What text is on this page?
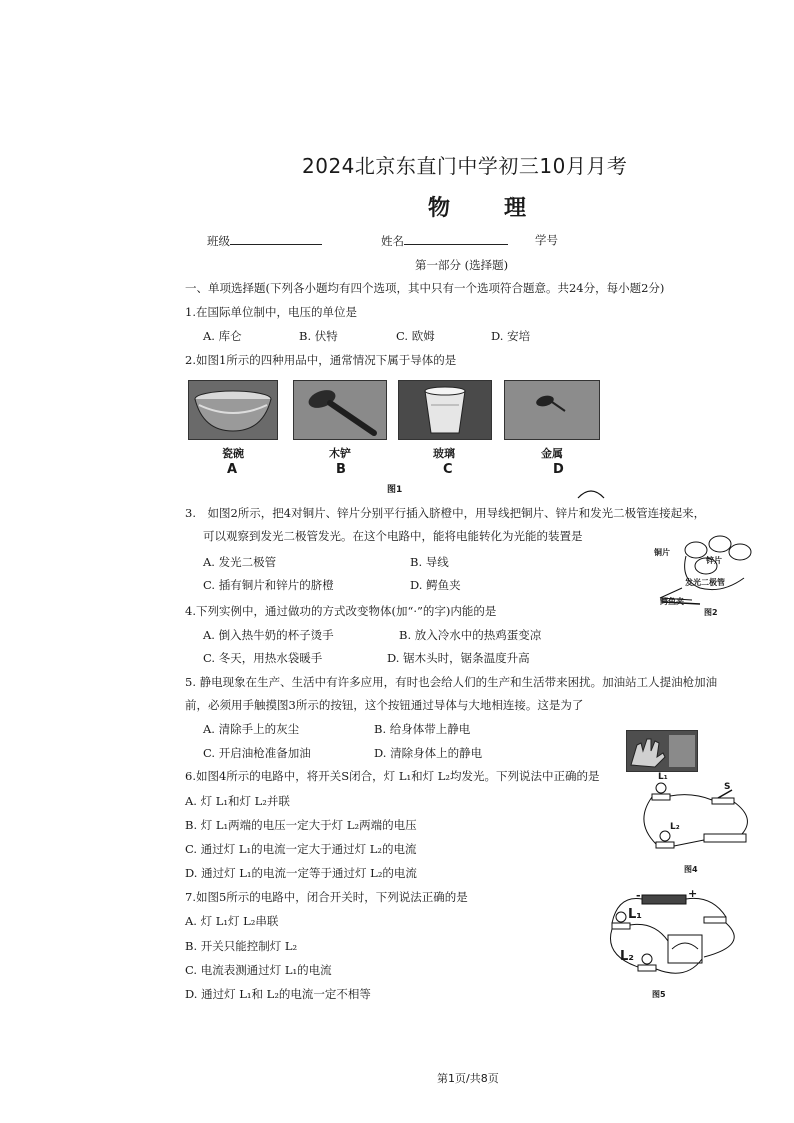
2024北京东直门中学初三10月月考
物　理
班级	姓名	学号
第一部分 (选择题)
一、单项选择题(下列各小题均有四个选项，其中只有一个选项符合题意。共24分，每小题2分)
1.在国际单位制中，电压的单位是
A. 库仑	B. 伏特	C. 欧姆	D. 安培
2.如图1所示的四种用品中，通常情况下属于导体的是
瓷碗	木铲	玻璃	金属
A	B	C	D
图1
3.　如图2所示，把4对铜片、锌片分别平行插入脐橙中，用导线把铜片、锌片和发光二极管连接起来，
可以观察到发光二极管发光。在这个电路中，能将电能转化为光能的装置是
A. 发光二极管	B. 导线
C. 插有铜片和锌片的脐橙	D. 鳄鱼夹
铜片
锌片
发光二极管
鳄鱼夹
图2
4.下列实例中，通过做功的方式改变物体(加“·”的字)内能的是
A. 倒入热牛奶的杯子烫手	B. 放入冷水中的热鸡蛋变凉
C. 冬天，用热水袋暖手	D. 锯木头时，锯条温度升高
5. 静电现象在生产、生活中有许多应用，有时也会给人们的生产和生活带来困扰。加油站工人提油枪加油
前，必须用手触摸图3所示的按钮，这个按钮通过导体与大地相连接。这是为了
A. 清除手上的灰尘	B. 给身体带上静电
C. 开启油枪准备加油	D. 清除身体上的静电
6.如图4所示的电路中，将开关S闭合，灯 L₁和灯 L₂均发光。下列说法中正确的是
A. 灯 L₁和灯 L₂并联
B. 灯 L₁两端的电压一定大于灯 L₂两端的电压
C. 通过灯 L₁的电流一定大于通过灯 L₂的电流
D. 通过灯 L₁的电流一定等于通过灯 L₂的电流
L₁
L₂
S
图4
7.如图5所示的电路中，闭合开关时，下列说法正确的是
A. 灯 L₁灯 L₂串联
B. 开关只能控制灯 L₂
C. 电流表测通过灯 L₁的电流
D. 通过灯 L₁和 L₂的电流一定不相等
L₁
L₂
-	+
图5
第1页/共8页
